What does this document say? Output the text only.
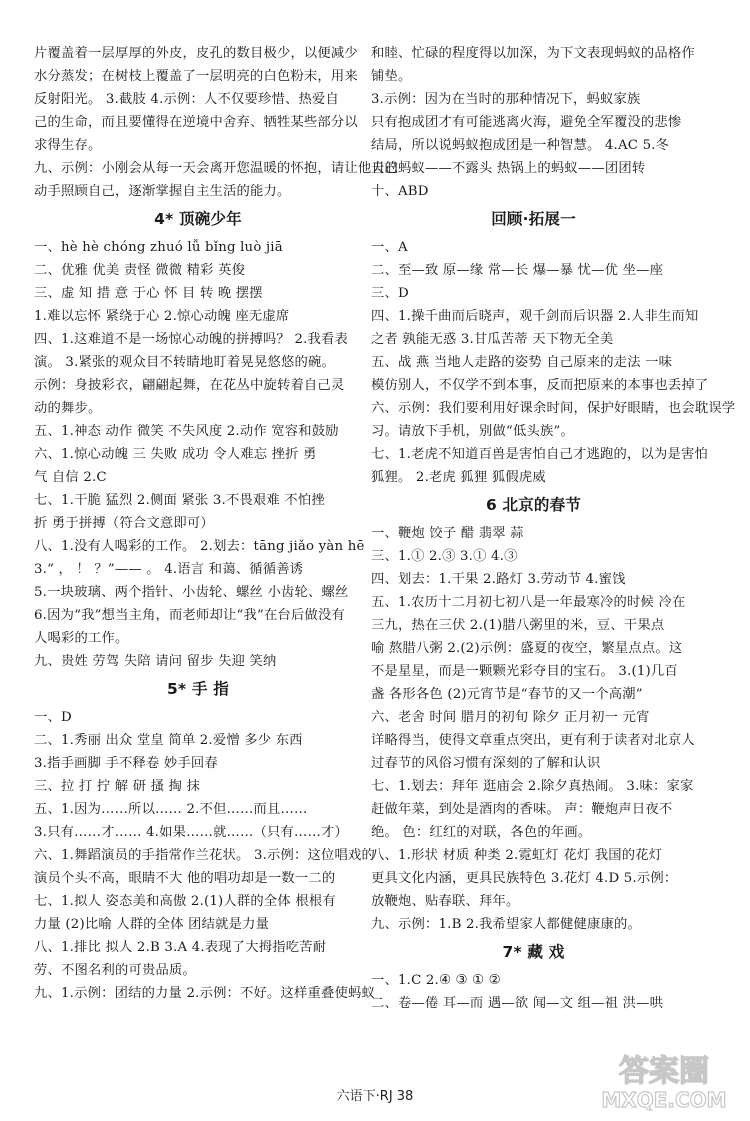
片覆盖着一层厚厚的外皮，皮孔的数目极少，以便减少
水分蒸发；在树枝上覆盖了一层明亮的白色粉末，用来
反射阳光。 3.截肢 4.示例：人不仅要珍惜、热爱自
己的生命，而且要懂得在逆境中舍弃、牺牲某些部分以
求得生存。
九、示例：小刚会从每一天会离开您温暖的怀抱，请让他自己
动手照顾自己，逐渐掌握自主生活的能力。
4* 顶碗少年
一、hè hè chóng zhuó lǚ bǐng luò jiā
二、优雅 优美 责怪 微微 精彩 英俊
三、虚 知 措 意 于心 怀 目 转 晚 摆摆
1.难以忘怀 紧绕于心 2.惊心动魄 座无虚席
四、1.这难道不是一场惊心动魄的拼搏吗？ 2.我看表
演。 3.紧张的观众目不转睛地盯着晃晃悠悠的碗。
示例：身披彩衣，翩翩起舞，在花丛中旋转着自己灵
动的舞步。
五、1.神态 动作 微笑 不失风度 2.动作 宽容和鼓励
六、1.惊心动魄 三 失败 成功 令人难忘 挫折 勇
气 自信 2.C
七、1.干脆 猛烈 2.侧面 紧张 3.不畏艰难 不怕挫
折 勇于拼搏（符合文意即可）
八、1.没有人喝彩的工作。 2.划去：tāng jiǎo yàn hē
3.“ ， ！ ？”—— 。 4.语言 和蔼、循循善诱
5.一块玻璃、两个指针、小齿轮、螺丝 小齿轮、螺丝
6.因为“我”想当主角，而老师却让“我”在台后做没有
人喝彩的工作。
九、贵姓 劳驾 失陪 请问 留步 失迎 笑纳
5* 手 指
一、D
二、1.秀丽 出众 堂皇 简单 2.爱憎 多少 东西
3.指手画脚 手不释卷 妙手回春
三、拉 打 拧 解 研 搔 掏 抹
五、1.因为……所以…… 2.不但……而且……
3.只有……才…… 4.如果……就……（只有……才）
六、1.舞蹈演员的手指常作兰花状。 3.示例：这位唱戏的
演员个头不高，眼睛不大 他的唱功却是一数一二的
七、1.拟人 姿态美和高傲 2.(1)人群的全体 根根有
力量 (2)比喻 人群的全体 团结就是力量
八、1.排比 拟人 2.B 3.A 4.表现了大拇指吃苦耐
劳、不图名利的可贵品质。
九、1.示例：团结的力量 2.示例：不好。这样重叠使蚂蚁
和睦、忙碌的程度得以加深，为下文表现蚂蚁的品格作
铺垫。
3.示例：因为在当时的那种情况下，蚂蚁家族
只有抱成团才有可能逃离火海，避免全军覆没的悲惨
结局，所以说蚂蚁抱成团是一种智慧。 4.AC 5.冬
天的蚂蚁——不露头 热锅上的蚂蚁——团团转
十、ABD
回顾·拓展一
一、A
二、至—致 原—缘 常—长 爆—暴 忧—优 坐—座
三、D
四、1.操千曲而后晓声，观千剑而后识器 2.人非生而知
之者 孰能无惑 3.甘瓜苦蒂 天下物无全美
五、战 燕 当地人走路的姿势 自己原来的走法 一味
模仿别人，不仅学不到本事，反而把原来的本事也丢掉了
六、示例：我们要利用好课余时间，保护好眼睛，也会耽误学
习。请放下手机，别做“低头族”。
七、1.老虎不知道百兽是害怕自己才逃跑的，以为是害怕
狐狸。 2.老虎 狐狸 狐假虎威
6 北京的春节
一、鞭炮 饺子 醋 翡翠 蒜
三、1.① 2.③ 3.① 4.③
四、划去：1.干果 2.路灯 3.劳动节 4.蜜饯
五、1.农历十二月初七初八是一年最寒冷的时候 冷在
三九，热在三伏 2.(1)腊八粥里的米，豆、干果点
喻 熬腊八粥 2.(2)示例：盛夏的夜空，繁星点点。这
不是星星，而是一颗颗光彩夺目的宝石。 3.(1)几百
盏 各形各色 (2)元宵节是“春节的又一个高潮”
六、老舍 时间 腊月的初旬 除夕 正月初一 元宵
详略得当，使得文章重点突出，更有利于读者对北京人
过春节的风俗习惯有深刻的了解和认识
七、1.划去：拜年 逛庙会 2.除夕真热闹。 3.味：家家
赶做年菜，到处是酒肉的香味。 声：鞭炮声日夜不
绝。 色：红红的对联，各色的年画。
八、1.形状 材质 种类 2.霓虹灯 花灯 我国的花灯
更具文化内涵，更具民族特色 3.花灯 4.D 5.示例：
放鞭炮、贴春联、拜年。
九、示例：1.B 2.我希望家人都健健康康的。
7* 藏 戏
一、1.C 2.④ ③ ① ②
二、卷—倦 耳—而 遇—欲 闻—文 组—祖 洪—哄
六语下·RJ 38
答案圈
MXQE.COM
